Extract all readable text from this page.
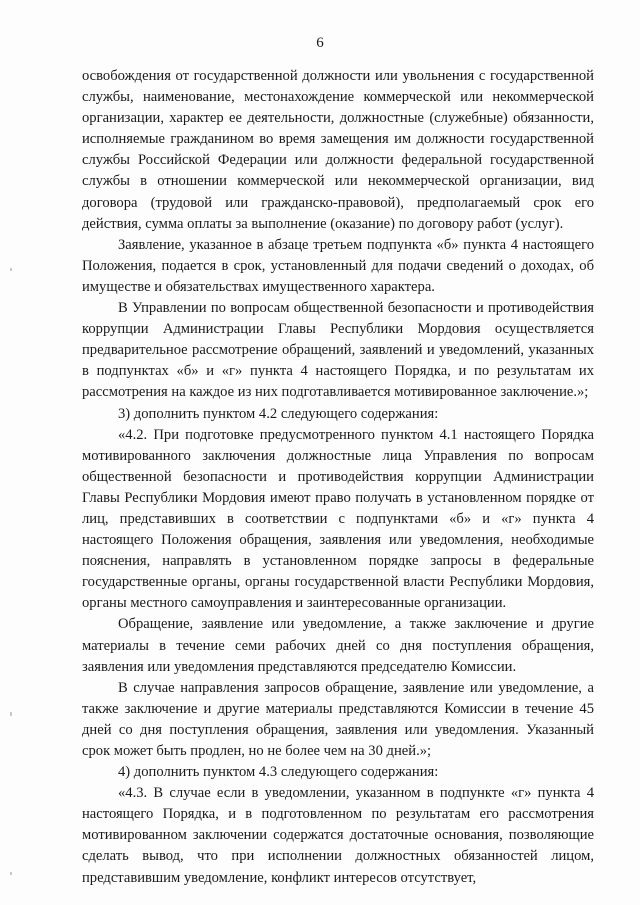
6

освобождения от государственной должности или увольнения с государственной службы, наименование, местонахождение коммерческой или некоммерческой организации, характер ее деятельности, должностные (служебные) обязанности, исполняемые гражданином во время замещения им должности государственной службы Российской Федерации или должности федеральной государственной службы в отношении коммерческой или некоммерческой организации, вид договора (трудовой или гражданско-правовой), предполагаемый срок его действия, сумма оплаты за выполнение (оказание) по договору работ (услуг).

Заявление, указанное в абзаце третьем подпункта «б» пункта 4 настоящего Положения, подается в срок, установленный для подачи сведений о доходах, об имуществе и обязательствах имущественного характера.

В Управлении по вопросам общественной безопасности и противодействия коррупции Администрации Главы Республики Мордовия осуществляется предварительное рассмотрение обращений, заявлений и уведомлений, указанных в подпунктах «б» и «г» пункта 4 настоящего Порядка, и по результатам их рассмотрения на каждое из них подготавливается мотивированное заключение.»;

3) дополнить пунктом 4.2 следующего содержания:

«4.2. При подготовке предусмотренного пунктом 4.1 настоящего Порядка мотивированного заключения должностные лица Управления по вопросам общественной безопасности и противодействия коррупции Администрации Главы Республики Мордовия имеют право получать в установленном порядке от лиц, представивших в соответствии с подпунктами «б» и «г» пункта 4 настоящего Положения обращения, заявления или уведомления, необходимые пояснения, направлять в установленном порядке запросы в федеральные государственные органы, органы государственной власти Республики Мордовия, органы местного самоуправления и заинтересованные организации.

Обращение, заявление или уведомление, а также заключение и другие материалы в течение семи рабочих дней со дня поступления обращения, заявления или уведомления представляются председателю Комиссии.

В случае направления запросов обращение, заявление или уведомление, а также заключение и другие материалы представляются Комиссии в течение 45 дней со дня поступления обращения, заявления или уведомления. Указанный срок может быть продлен, но не более чем на 30 дней.»;

4) дополнить пунктом 4.3 следующего содержания:

«4.3. В случае если в уведомлении, указанном в подпункте «г» пункта 4 настоящего Порядка, и в подготовленном по результатам его рассмотрения мотивированном заключении содержатся достаточные основания, позволяющие сделать вывод, что при исполнении должностных обязанностей лицом, представившим уведомление, конфликт интересов отсутствует,
